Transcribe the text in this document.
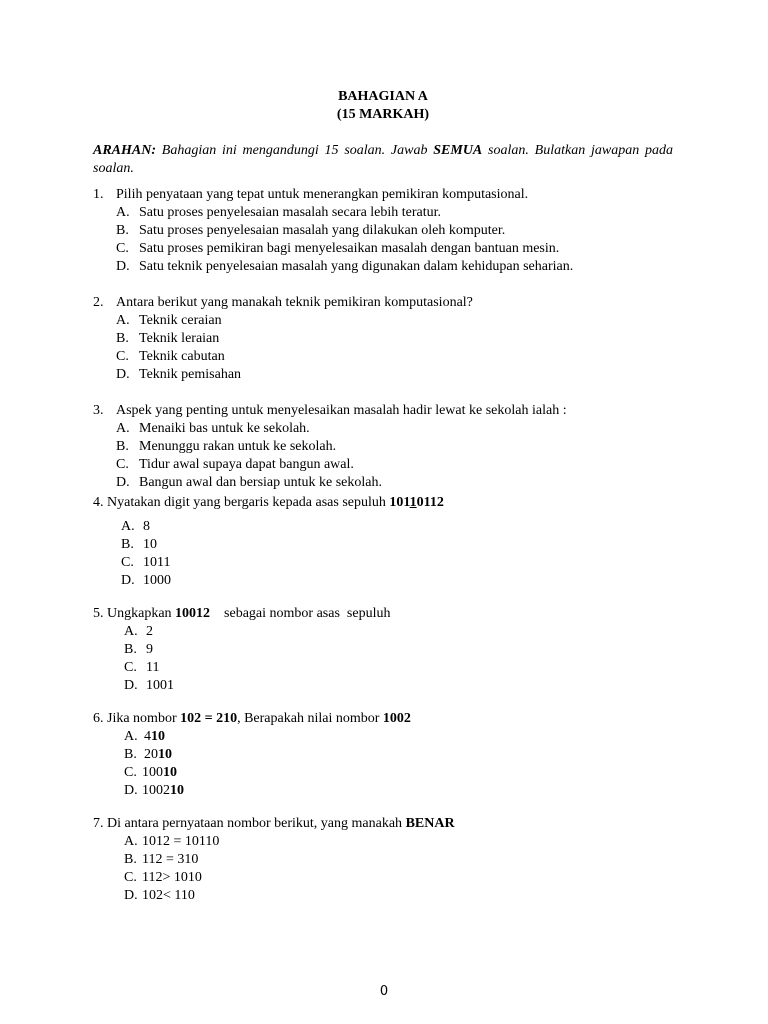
BAHAGIAN A
(15 MARKAH)
ARAHAN: Bahagian ini mengandungi 15 soalan. Jawab SEMUA soalan. Bulatkan jawapan pada soalan.
1. Pilih penyataan yang tepat untuk menerangkan pemikiran komputasional.
A. Satu proses penyelesaian masalah secara lebih teratur.
B. Satu proses penyelesaian masalah yang dilakukan oleh komputer.
C. Satu proses pemikiran bagi menyelesaikan masalah dengan bantuan mesin.
D. Satu teknik penyelesaian masalah yang digunakan dalam kehidupan seharian.
2. Antara berikut yang manakah teknik pemikiran komputasional?
A. Teknik ceraian
B. Teknik leraian
C. Teknik cabutan
D. Teknik pemisahan
3. Aspek yang penting untuk menyelesaikan masalah hadir lewat ke sekolah ialah :
A. Menaiki bas untuk ke sekolah.
B. Menunggu rakan untuk ke sekolah.
C. Tidur awal supaya dapat bangun awal.
D. Bangun awal dan bersiap untuk ke sekolah.
4. Nyatakan digit yang bergaris kepada asas sepuluh 10110112
A. 8
B. 10
C. 1011
D. 1000
5. Ungkapkan 10012    sebagai nombor asas  sepuluh
A. 2
B. 9
C. 11
D. 1001
6. Jika nombor 102 = 210, Berapakah nilai nombor 1002
A. 410
B. 2010
C. 10010
D. 100210
7. Di antara pernyataan nombor berikut, yang manakah BENAR
A. 1012 = 10110
B. 112 = 310
C. 112> 1010
D. 102< 110
0
